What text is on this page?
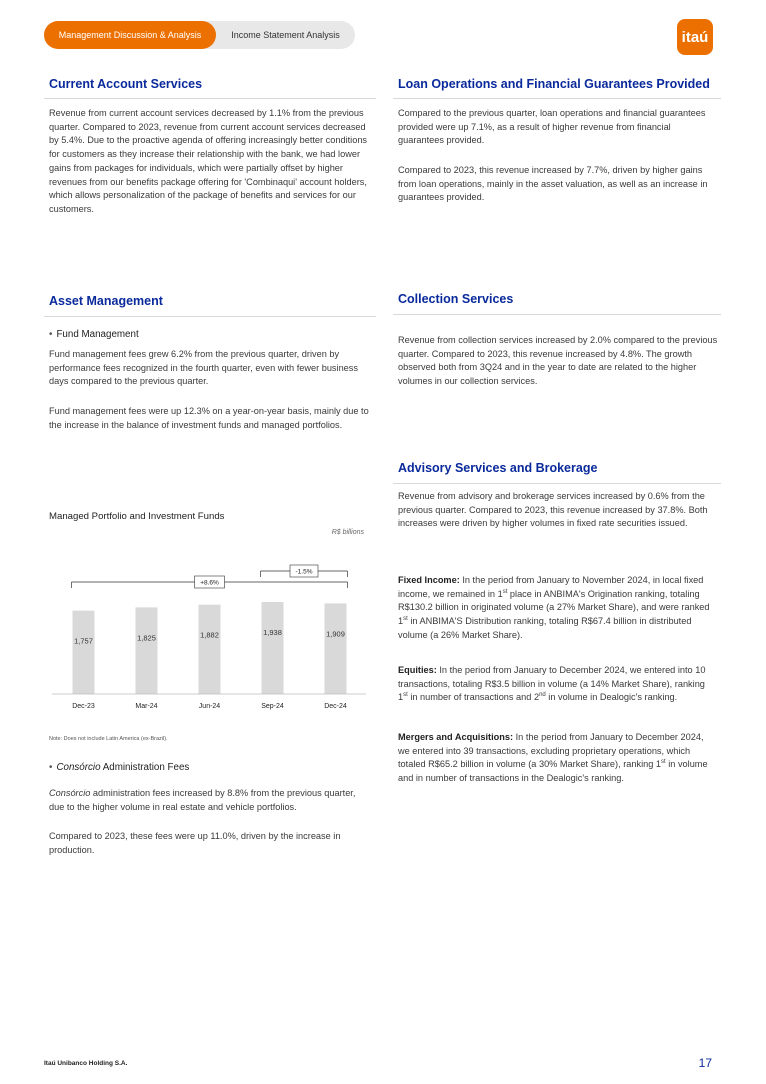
Management Discussion & Analysis	Income Statement Analysis	itaú
Current Account Services

Revenue from current account services decreased by 1.1% from the previous quarter. Compared to 2023, revenue from current account services decreased by 5.4%. Due to the proactive agenda of offering increasingly better conditions for customers as they increase their relationship with the bank, we had lower gains from packages for individuals, which were partially offset by higher revenues from our benefits package offering for 'Combinaqui' account holders, which allows personalization of the package of benefits and services for our customers.

Loan Operations and Financial Guarantees Provided

Compared to the previous quarter, loan operations and financial guarantees provided were up 7.1%, as a result of higher revenue from financial guarantees provided.

Compared to 2023, this revenue increased by 7.7%, driven by higher gains from loan operations, mainly in the asset valuation, as well as an increase in guarantees provided.

Asset Management
• Fund Management

Fund management fees grew 6.2% from the previous quarter, driven by performance fees recognized in the fourth quarter, even with fewer business days compared to the previous quarter.

Fund management fees were up 12.3% on a year-on-year basis, mainly due to the increase in the balance of investment funds and managed portfolios.

Managed Portfolio and Investment Funds
R$ billions
1,757
Dec-23
1,825
Mar-24
1,882
Jun-24
1,938
Sep-24
1,909
Dec-24
+8.6%
-1.5%
Note: Does not include Latin America (ex-Brazil).
• Consórcio Administration Fees

Consórcio administration fees increased by 8.8% from the previous quarter, due to the higher volume in real estate and vehicle portfolios.

Compared to 2023, these fees were up 11.0%, driven by the increase in production.

Collection Services

Revenue from collection services increased by 2.0% compared to the previous quarter. Compared to 2023, this revenue increased by 4.8%. The growth observed both from 3Q24 and in the year to date are related to the higher volumes in our collection services.

Advisory Services and Brokerage

Revenue from advisory and brokerage services increased by 0.6% from the previous quarter. Compared to 2023, this revenue increased by 37.8%. Both increases were driven by higher volumes in fixed rate securities issued.

Fixed Income: In the period from January to November 2024, in local fixed income, we remained in 1st place in ANBIMA's Origination ranking, totaling R$130.2 billion in originated volume (a 27% Market Share), and were ranked 1st in ANBIMA'S Distribution ranking, totaling R$67.4 billion in distributed volume (a 26% Market Share).

Equities: In the period from January to December 2024, we entered into 10 transactions, totaling R$3.5 billion in volume (a 14% Market Share), ranking 1st in number of transactions and 2nd in volume in Dealogic's ranking.

Mergers and Acquisitions: In the period from January to December 2024, we entered into 39 transactions, excluding proprietary operations, which totaled R$65.2 billion in volume (a 30% Market Share), ranking 1st in volume and in number of transactions in the Dealogic's ranking.

Itaú Unibanco Holding S.A.	17
